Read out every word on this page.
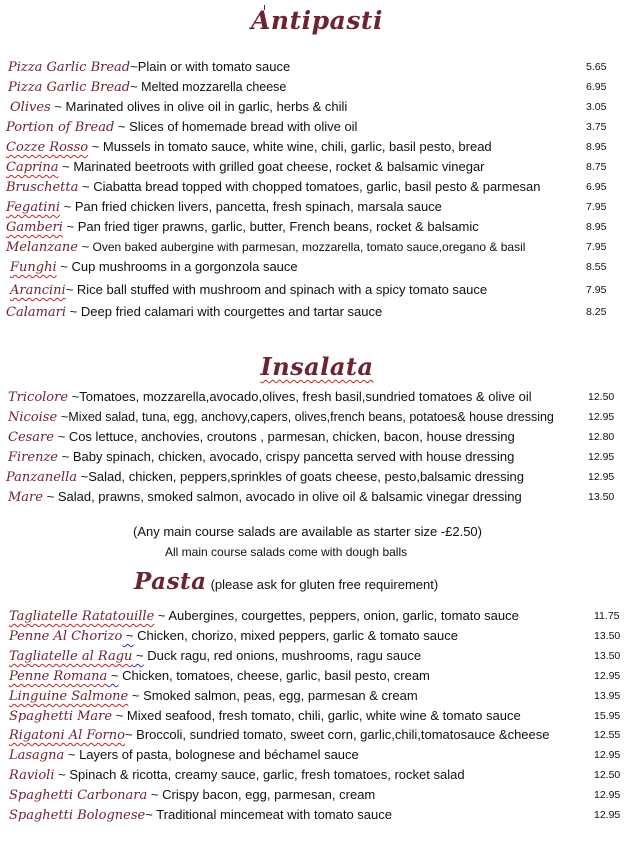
Antipasti
Pizza Garlic Bread~Plain or with tomato sauce	5.65
Pizza Garlic Bread~ Melted mozzarella cheese	6.95
Olives ~ Marinated olives in olive oil in garlic, herbs & chili	3.05
Portion of Bread ~ Slices of homemade bread with olive oil	3.75
Cozze Rosso ~ Mussels in tomato sauce, white wine, chili, garlic, basil pesto, bread	8.95
Caprina ~ Marinated beetroots with grilled goat cheese, rocket & balsamic vinegar	8.75
Bruschetta ~ Ciabatta bread topped with chopped tomatoes, garlic, basil pesto & parmesan	6.95
Fegatini ~ Pan fried chicken livers, pancetta, fresh spinach, marsala sauce	7.95
Gamberi ~ Pan fried tiger prawns, garlic, butter, French beans, rocket & balsamic	8.95
Melanzane ~ Oven baked aubergine with parmesan, mozzarella, tomato sauce,oregano & basil	7.95
Funghi ~ Cup mushrooms in a gorgonzola sauce	8.55
Arancini~ Rice ball stuffed with mushroom and spinach with a spicy tomato sauce	7.95
Calamari ~ Deep fried calamari with courgettes and tartar sauce	8.25
Insalata
Tricolore ~Tomatoes, mozzarella,avocado,olives, fresh basil,sundried tomatoes & olive oil	12.50
Nicoise ~Mixed salad, tuna, egg, anchovy,capers, olives,french beans, potatoes& house dressing	12.95
Cesare ~ Cos lettuce, anchovies, croutons , parmesan, chicken, bacon, house dressing	12.80
Firenze ~ Baby spinach, chicken, avocado, crispy pancetta served with house dressing	12.95
Panzanella ~Salad, chicken, peppers,sprinkles of goats cheese, pesto,balsamic dressing	12.95
Mare ~ Salad, prawns, smoked salmon, avocado in olive oil & balsamic vinegar dressing	13.50
(Any main course salads are available as starter size -£2.50)
All main course salads come with dough balls
Pasta (please ask for gluten free requirement)
Tagliatelle Ratatouille ~ Aubergines, courgettes, peppers, onion, garlic, tomato sauce	11.75
Penne Al Chorizo ~ Chicken, chorizo, mixed peppers, garlic & tomato sauce	13.50
Tagliatelle al Ragu ~ Duck ragu, red onions, mushrooms, ragu sauce	13.50
Penne Romana ~ Chicken, tomatoes, cheese, garlic, basil pesto, cream	12.95
Linguine Salmone ~ Smoked salmon, peas, egg, parmesan & cream	13.95
Spaghetti Mare ~ Mixed seafood, fresh tomato, chili, garlic, white wine & tomato sauce	15.95
Rigatoni Al Forno~ Broccoli, sundried tomato, sweet corn, garlic,chili,tomatosauce &cheese	12.55
Lasagna ~ Layers of pasta, bolognese and béchamel sauce	12.95
Ravioli ~ Spinach & ricotta, creamy sauce, garlic, fresh tomatoes, rocket salad	12.50
Spaghetti Carbonara ~ Crispy bacon, egg, parmesan, cream	12.95
Spaghetti Bolognese~ Traditional mincemeat with tomato sauce	12.95
